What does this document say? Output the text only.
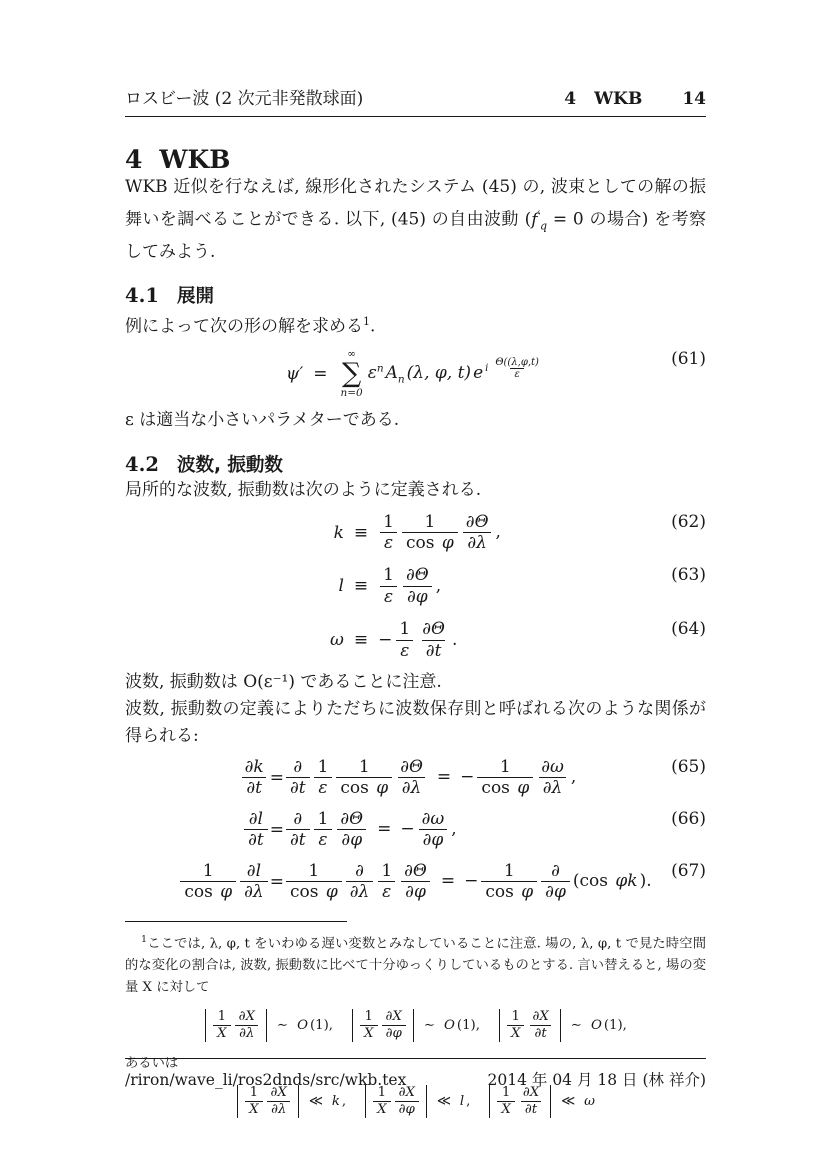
ロスビー波 (2 次元非発散球面)	4 WKB 14
4 WKB

WKB 近似を行なえば, 線形化されたシステム (45) の, 波束としての解の振舞いを調べることができる. 以下, (45) の自由波動 ($f'_q = 0$ の場合) を考察してみよう.

4.1 展開

例によって次の形の解を求める$^1$.

ψ′	=	
∞
∑
n=0
$\varepsilon^n$ $A_n$ (λ, φ, t) e $^{i \frac{\Theta((\lambda,\varphi,t)}{\varepsilon}}$	(61)

ε は適当な小さいパラメターである.

4.2 波数, 振動数

局所的な波数, 振動数は次のように定義される.

k	≡	$\frac{1}{\varepsilon} \frac{1}{\text{cos φ}} \frac{\partial\Theta}{\partial\lambda}$ ,
(62)

l	≡	$\frac{1}{\varepsilon} \frac{\partial\Theta}{\partial\varphi}$ ,
(63)

ω	≡	− $\frac{1}{\varepsilon} \frac{\partial\Theta}{\partial t}$ .
(64)

波数, 振動数は O(ε⁻¹) であることに注意.

波数, 振動数の定義によりただちに波数保存則と呼ばれる次のような関係が得られる:

$\frac{\partial k}{\partial t}$	=	$\frac{\partial}{\partial t} \frac{1}{\varepsilon} \frac{1}{\text{cos φ}} \frac{\partial\Theta}{\partial\lambda}$ = − $\frac{1}{\text{cos φ}} \frac{\partial\omega}{\partial\lambda}$ ,
(65)

$\frac{\partial l}{\partial t}$	=	$\frac{\partial}{\partial t} \frac{1}{\varepsilon} \frac{\partial\Theta}{\partial\varphi}$ = − $\frac{\partial\omega}{\partial\varphi}$ ,
(66)

$\frac{1}{\text{cos φ}} \frac{\partial l}{\partial\lambda}$	=	$\frac{1}{\text{cos φ}} \frac{\partial}{\partial\lambda} \frac{1}{\varepsilon} \frac{\partial\Theta}{\partial\varphi}$ = − $\frac{1}{\text{cos φ}} \frac{\partial}{\partial\varphi} (\cos$ φk ).
(67)

$^1$ここでは, λ, φ, t をいわゆる遅い変数とみなしていることに注意. 場の, λ, φ, t で見た時空間的な変化の割合は, 波数, 振動数に比べて十分ゆっくりしているものとする. 言い替えると, 場の変量 X に対して

$\frac{1}{X} \frac{\partial X}{\partial\lambda}$ ∼ O (1), $\frac{1}{X} \frac{\partial X}{\partial\varphi}$ ∼ O (1), $\frac{1}{X} \frac{\partial X}{\partial t}$ ∼ O (1),

あるいは

$\frac{1}{X} \frac{\partial X}{\partial\lambda}$ ≪ k , $\frac{1}{X} \frac{\partial X}{\partial\varphi}$ ≪ l , $\frac{1}{X} \frac{\partial X}{\partial t}$ ≪ ω
/riron/wave_li/ros2dnds/src/wkb.tex	2014 年 04 月 18 日 (林 祥介)
